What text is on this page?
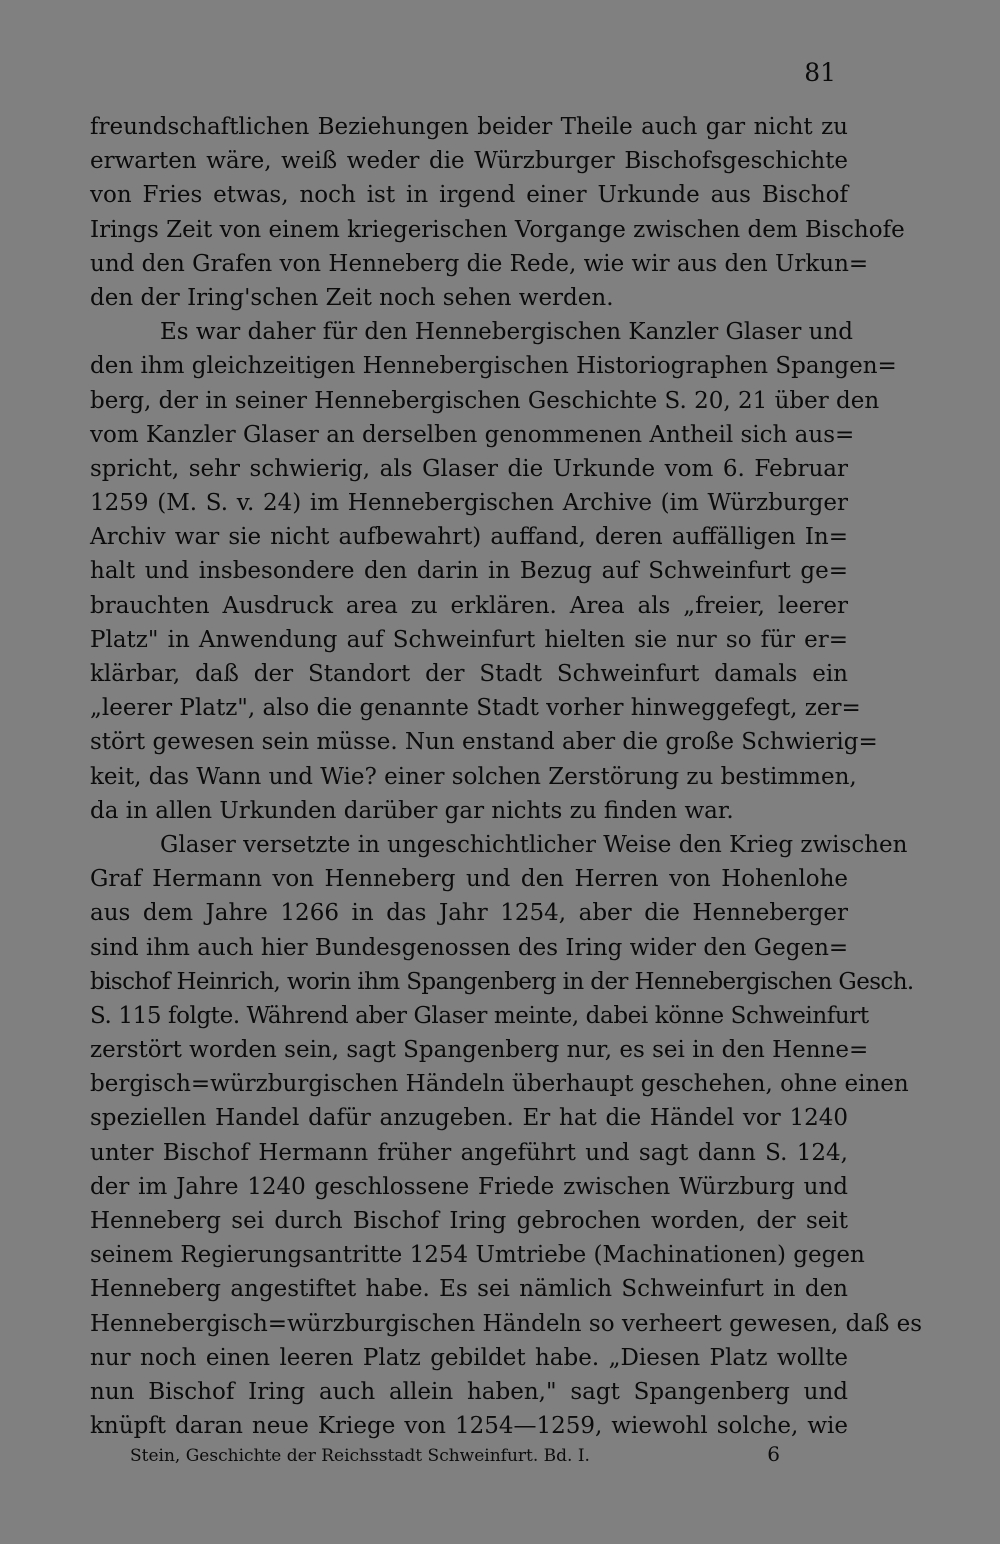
81
freundschaftlichen Beziehungen beider Theile auch gar nicht zu
erwarten wäre, weiß weder die Würzburger Bischofsgeschichte
von Fries etwas, noch ist in irgend einer Urkunde aus Bischof
Irings Zeit von einem kriegerischen Vorgange zwischen dem Bischofe
und den Grafen von Henneberg die Rede, wie wir aus den Urkun=
den der Iring'schen Zeit noch sehen werden.
Es war daher für den Hennebergischen Kanzler Glaser und
den ihm gleichzeitigen Hennebergischen Historiographen Spangen=
berg, der in seiner Hennebergischen Geschichte S. 20, 21 über den
vom Kanzler Glaser an derselben genommenen Antheil sich aus=
spricht, sehr schwierig, als Glaser die Urkunde vom 6. Februar
1259 (M. S. v. 24) im Hennebergischen Archive (im Würzburger
Archiv war sie nicht aufbewahrt) auffand, deren auffälligen In=
halt und insbesondere den darin in Bezug auf Schweinfurt ge=
brauchten Ausdruck area zu erklären. Area als „freier, leerer
Platz" in Anwendung auf Schweinfurt hielten sie nur so für er=
klärbar, daß der Standort der Stadt Schweinfurt damals ein
„leerer Platz", also die genannte Stadt vorher hinweggefegt, zer=
stört gewesen sein müsse. Nun enstand aber die große Schwierig=
keit, das Wann und Wie? einer solchen Zerstörung zu bestimmen,
da in allen Urkunden darüber gar nichts zu finden war.
Glaser versetzte in ungeschichtlicher Weise den Krieg zwischen
Graf Hermann von Henneberg und den Herren von Hohenlohe
aus dem Jahre 1266 in das Jahr 1254, aber die Henneberger
sind ihm auch hier Bundesgenossen des Iring wider den Gegen=
bischof Heinrich, worin ihm Spangenberg in der Hennebergischen Gesch.
S. 115 folgte. Während aber Glaser meinte, dabei könne Schweinfurt
zerstört worden sein, sagt Spangenberg nur, es sei in den Henne=
bergisch=würzburgischen Händeln überhaupt geschehen, ohne einen
speziellen Handel dafür anzugeben. Er hat die Händel vor 1240
unter Bischof Hermann früher angeführt und sagt dann S. 124,
der im Jahre 1240 geschlossene Friede zwischen Würzburg und
Henneberg sei durch Bischof Iring gebrochen worden, der seit
seinem Regierungsantritte 1254 Umtriebe (Machinationen) gegen
Henneberg angestiftet habe. Es sei nämlich Schweinfurt in den
Hennebergisch=würzburgischen Händeln so verheert gewesen, daß es
nur noch einen leeren Platz gebildet habe. „Diesen Platz wollte
nun Bischof Iring auch allein haben," sagt Spangenberg und
knüpft daran neue Kriege von 1254—1259, wiewohl solche, wie
Stein, Geschichte der Reichsstadt Schweinfurt. Bd. I.	6
